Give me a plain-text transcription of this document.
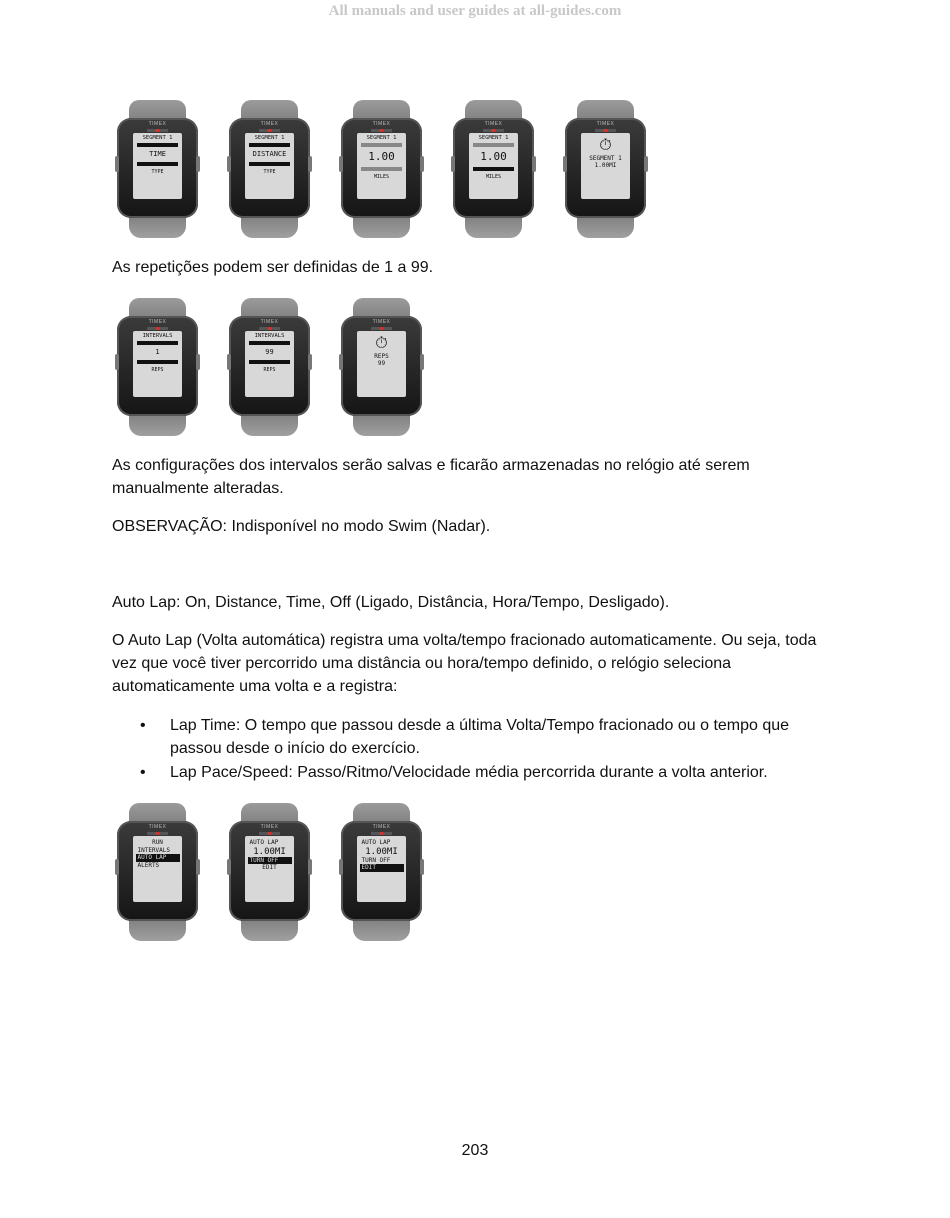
All manuals and user guides at all-guides.com
TIMEX
SEGMENT 1
TIME
TYPE
TIMEX
SEGMENT 1
DISTANCE
TYPE
TIMEX
SEGMENT 1
1.00
MILES
TIMEX
SEGMENT 1
1.00
MILES
TIMEX
⏱
SEGMENT 1
1.00MI

As repetições podem ser definidas de 1 a 99.

TIMEX
INTERVALS
1
REPS
TIMEX
INTERVALS
99
REPS
TIMEX
⏱
REPS
99

As configurações dos intervalos serão salvas e ficarão armazenadas no relógio até serem manualmente alteradas.

OBSERVAÇÃO: Indisponível no modo Swim (Nadar).

Auto Lap: On, Distance, Time, Off (Ligado, Distância, Hora/Tempo, Desligado).

O Auto Lap (Volta automática) registra uma volta/tempo fracionado automaticamente. Ou seja, toda vez que você tiver percorrido uma distância ou hora/tempo definido, o relógio seleciona automaticamente uma volta e a registra:

• Lap Time: O tempo que passou desde a última Volta/Tempo fracionado ou o tempo que passou desde o início do exercício.
• Lap Pace/Speed: Passo/Ritmo/Velocidade média percorrida durante a volta anterior.
TIMEX
RUN
INTERVALS
AUTO LAP
ALERTS
TIMEX
AUTO LAP
1.00MI
TURN OFF
EDIT
TIMEX
AUTO LAP
1.00MI
TURN OFF
EDIT
203
